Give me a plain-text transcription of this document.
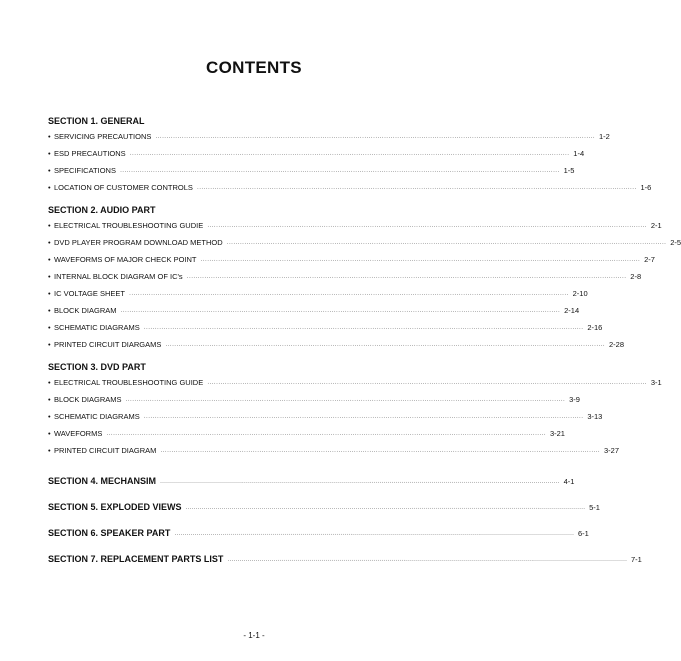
CONTENTS
SECTION 1. GENERAL
• SERVICING PRECAUTIONS ········································································································································································································ 1-2
• ESD PRECAUTIONS ········································································································································································································ 1-4
• SPECIFICATIONS ········································································································································································································ 1-5
• LOCATION OF CUSTOMER CONTROLS ········································································································································································································ 1-6
SECTION 2. AUDIO PART
• ELECTRICAL TROUBLESHOOTING GUDIE ········································································································································································································ 2-1
• DVD PLAYER PROGRAM DOWNLOAD METHOD ········································································································································································································ 2-5
• WAVEFORMS OF MAJOR CHECK POINT ········································································································································································································ 2-7
• INTERNAL BLOCK DIAGRAM OF IC's ········································································································································································································ 2-8
• IC VOLTAGE SHEET ········································································································································································································ 2-10
• BLOCK DIAGRAM ········································································································································································································ 2-14
• SCHEMATIC DIAGRAMS ········································································································································································································ 2-16
• PRINTED CIRCUIT DIARGAMS ········································································································································································································ 2-28
SECTION 3. DVD PART
• ELECTRICAL TROUBLESHOOTING GUIDE ········································································································································································································ 3-1
• BLOCK DIAGRAMS ········································································································································································································ 3-9
• SCHEMATIC DIAGRAMS ········································································································································································································ 3-13
• WAVEFORMS ········································································································································································································ 3-21
• PRINTED CIRCUIT DIAGRAM ········································································································································································································ 3-27
SECTION 4. MECHANSIM ········································································································································································································ 4-1
SECTION 5. EXPLODED VIEWS ········································································································································································································ 5-1
SECTION 6. SPEAKER PART ········································································································································································································ 6-1
SECTION 7. REPLACEMENT PARTS LIST ········································································································································································································ 7-1
- 1-1 -
